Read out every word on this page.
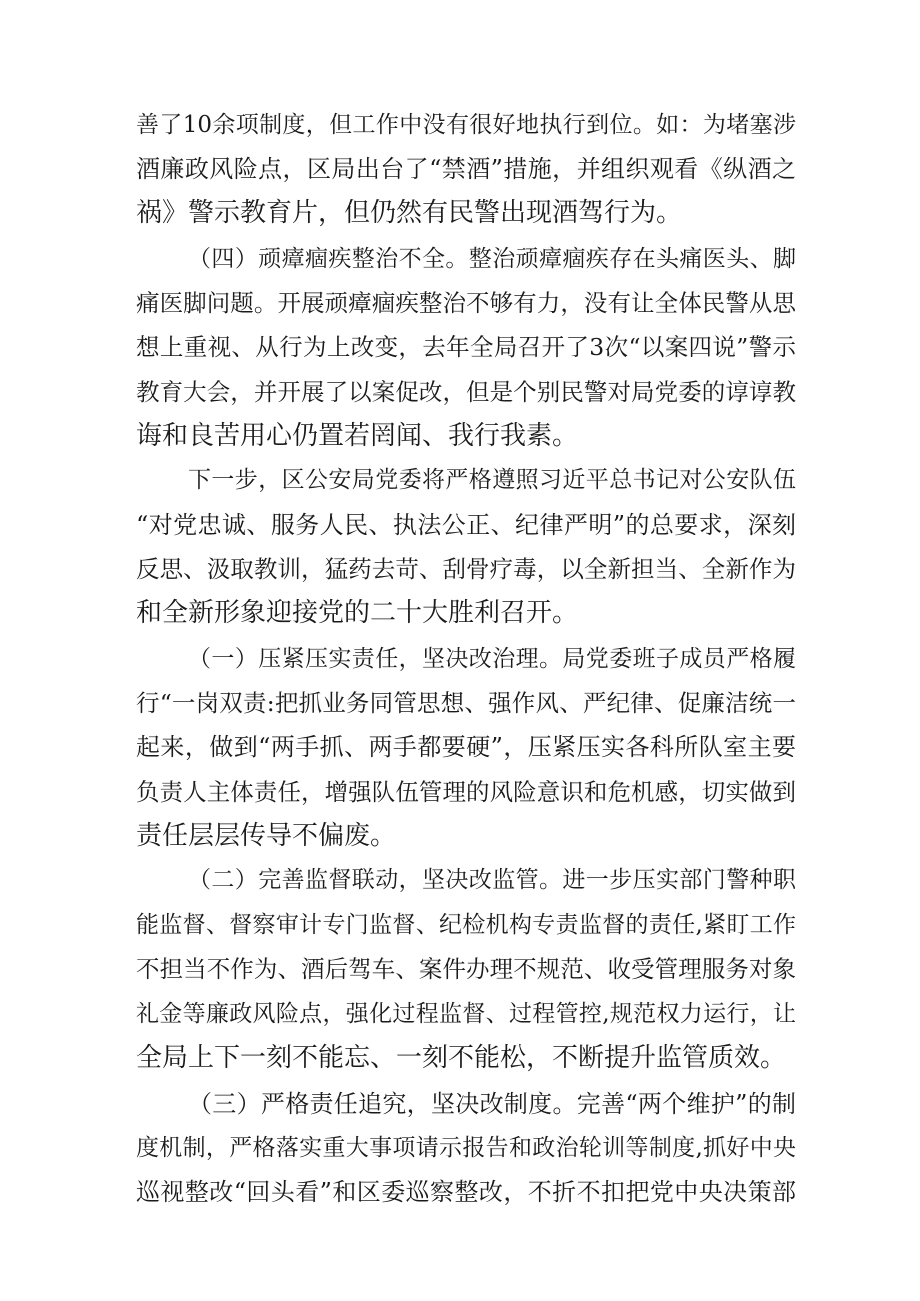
善了10余项制度，但工作中没有很好地执行到位。如：为堵塞涉

酒廉政风险点，区局出台了“禁酒”措施，并组织观看《纵酒之

祸》警示教育片，但仍然有民警出现酒驾行为。

（四）顽瘴痼疾整治不全。整治顽瘴痼疾存在头痛医头、脚

痛医脚问题。开展顽瘴痼疾整治不够有力，没有让全体民警从思

想上重视、从行为上改变，去年全局召开了3次“以案四说”警示

教育大会，并开展了以案促改，但是个别民警对局党委的谆谆教

诲和良苦用心仍置若罔闻、我行我素。

下一步，区公安局党委将严格遵照习近平总书记对公安队伍

“对党忠诚、服务人民、执法公正、纪律严明”的总要求，深刻

反思、汲取教训，猛药去苛、刮骨疗毒，以全新担当、全新作为

和全新形象迎接党的二十大胜利召开。

（一）压紧压实责任，坚决改治理。局党委班子成员严格履

行“一岗双责:把抓业务同管思想、强作风、严纪律、促廉洁统一

起来，做到“两手抓、两手都要硬”，压紧压实各科所队室主要

负责人主体责任，增强队伍管理的风险意识和危机感，切实做到

责任层层传导不偏废。

（二）完善监督联动，坚决改监管。进一步压实部门警种职

能监督、督察审计专门监督、纪检机构专责监督的责任,紧盯工作

不担当不作为、酒后驾车、案件办理不规范、收受管理服务对象

礼金等廉政风险点，强化过程监督、过程管控,规范权力运行，让

全局上下一刻不能忘、一刻不能松，不断提升监管质效。

（三）严格责任追究，坚决改制度。完善“两个维护”的制

度机制，严格落实重大事项请示报告和政治轮训等制度,抓好中央

巡视整改“回头看”和区委巡察整改，不折不扣把党中央决策部
